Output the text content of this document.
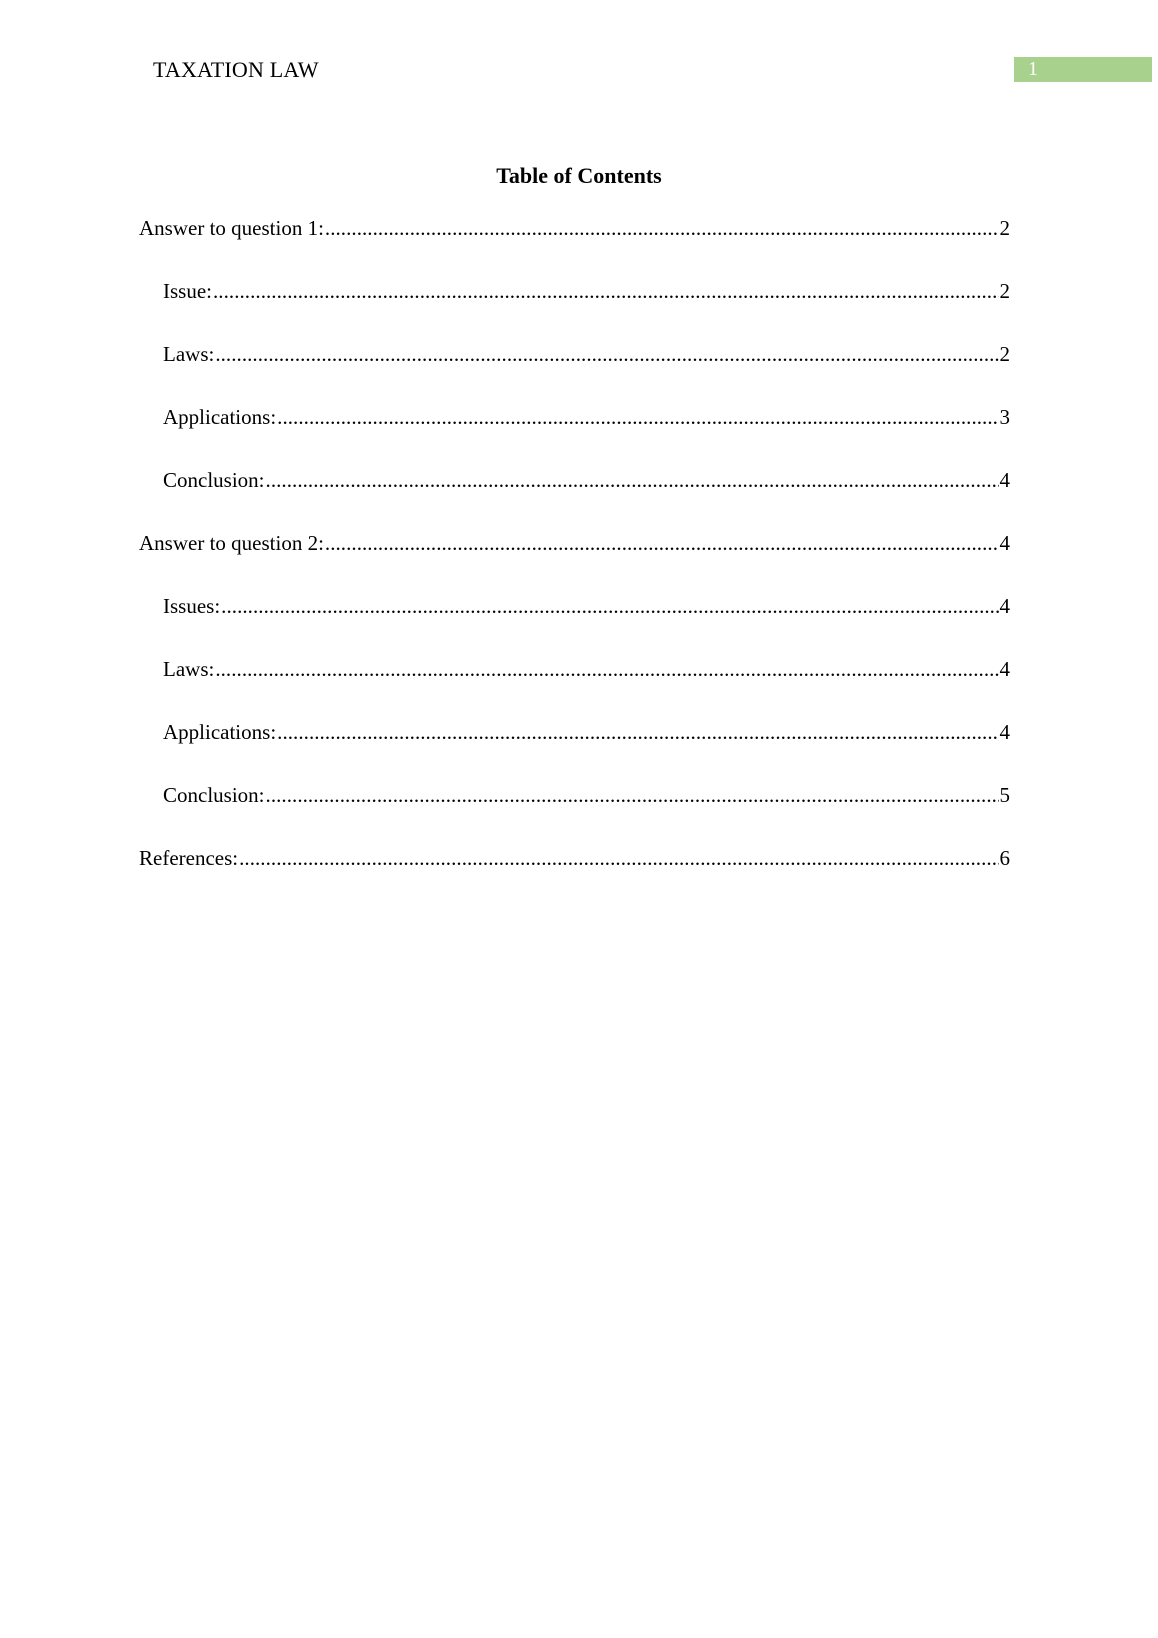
TAXATION LAW	1
Table of Contents
Answer to question 1: .....	2
Issue: .....	2
Laws: .....	2
Applications: .....	3
Conclusion: .....	4
Answer to question 2: .....	4
Issues: .....	4
Laws: .....	4
Applications: .....	4
Conclusion: .....	5
References: .....	6
